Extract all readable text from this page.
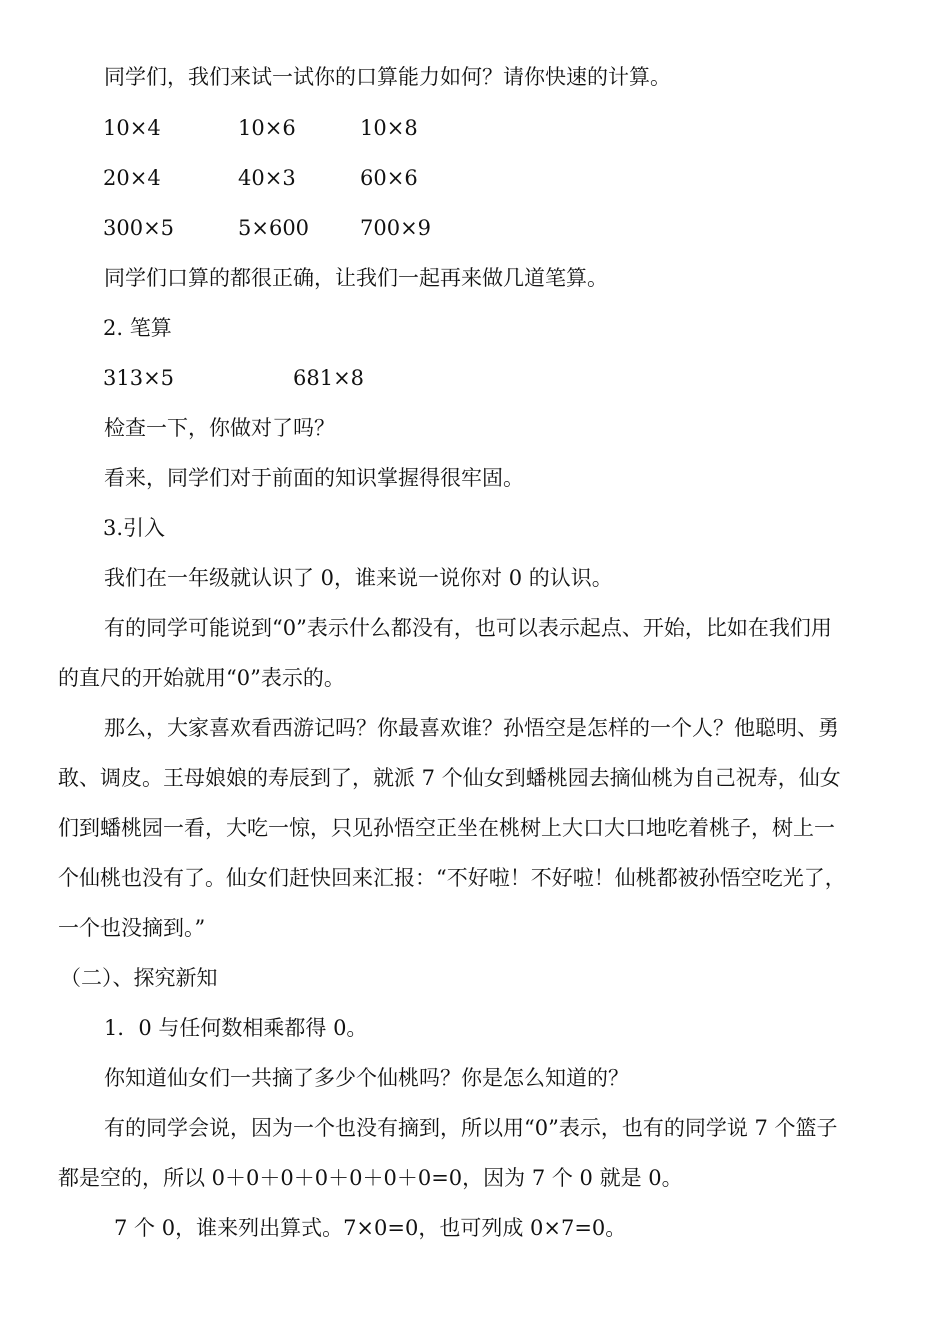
同学们，我们来试一试你的口算能力如何？请你快速的计算。
10×4	10×6	10×8
20×4	40×3	60×6
300×5	5×600 700×9
同学们口算的都很正确，让我们一起再来做几道笔算。
2. 笔算
313×5	681×8
检查一下，你做对了吗？
看来，同学们对于前面的知识掌握得很牢固。
3.引入
我们在一年级就认识了 0，谁来说一说你对 0 的认识。
有的同学可能说到“0”表示什么都没有，也可以表示起点、开始，比如在我们用
的直尺的开始就用“0”表示的。
那么，大家喜欢看西游记吗？你最喜欢谁？孙悟空是怎样的一个人？他聪明、勇
敢、调皮。王母娘娘的寿辰到了，就派 7 个仙女到蟠桃园去摘仙桃为自己祝寿，仙女
们到蟠桃园一看，大吃一惊，只见孙悟空正坐在桃树上大口大口地吃着桃子，树上一
个仙桃也没有了。仙女们赶快回来汇报：“不好啦！不好啦！仙桃都被孙悟空吃光了，
一个也没摘到。”
（二）、探究新知
1．0 与任何数相乘都得 0。
你知道仙女们一共摘了多少个仙桃吗？你是怎么知道的？
有的同学会说，因为一个也没有摘到，所以用“0”表示，也有的同学说 7 个篮子
都是空的，所以 0＋0＋0＋0＋0＋0＋0=0，因为 7 个 0 就是 0。
7 个 0，谁来列出算式。7×0=0，也可列成 0×7=0。
